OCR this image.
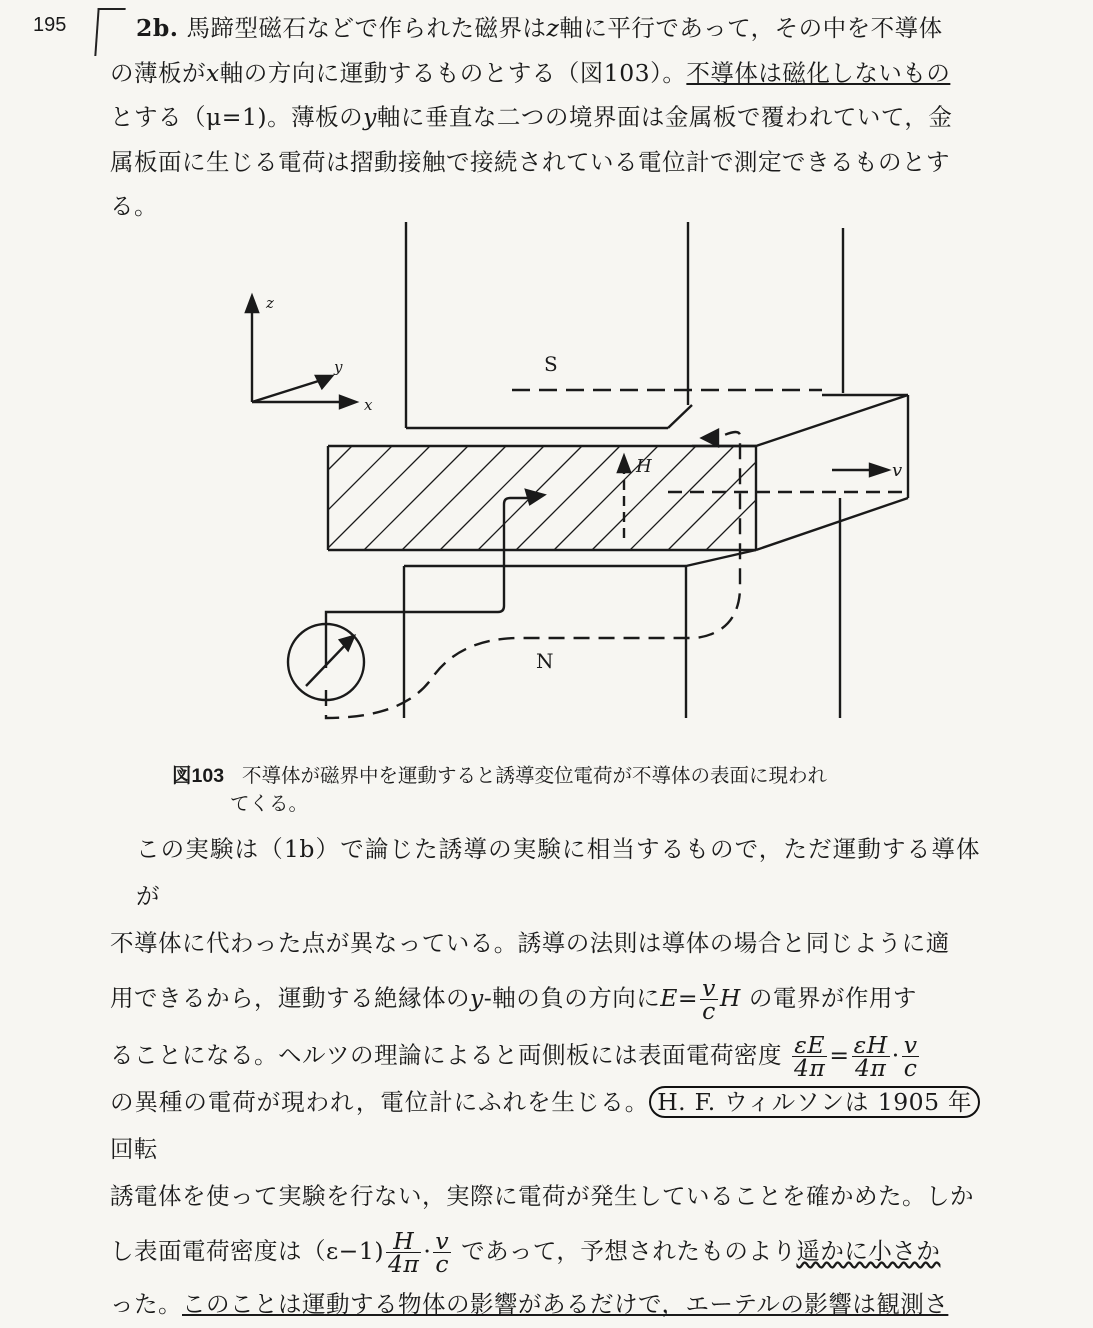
195	2b. 馬蹄型磁石などで作られた磁界はz軸に平行であって，その中を不導体
の薄板がx軸の方向に運動するものとする（図103）。不導体は磁化しないもの
とする（μ=1)。薄板のy軸に垂直な二つの境界面は金属板で覆われていて，金
属板面に生じる電荷は摺動接触で接続されている電位計で測定できるものとす
る。
z
y
x
S
N
H	v
図103 不導体が磁界中を運動すると誘導変位電荷が不導体の表面に現われ
てくる。
この実験は（1b）で論じた誘導の実験に相当するもので，ただ運動する導体が
不導体に代わった点が異なっている。誘導の法則は導体の場合と同じように適
用できるから，運動する絶縁体のy-軸の負の方向に$E= \frac{v}{c}$ H の電界が作用す
ることになる。ヘルツの理論によると両側板には表面電荷密度 $\frac{\varepsilon E}{4\pi} = \frac{\varepsilon H}{4\pi} \cdot \frac{v}{c}$
の異種の電荷が現われ，電位計にふれを生じる。 H. F. ウィルソンは 1905 年回転
誘電体を使って実験を行ない，実際に電荷が発生していることを確かめた。しか
し表面電荷密度は$(\varepsilon-1) \frac{H}{4\pi} \cdot \frac{v}{c}$ であって，予想されたものより遥かに小さか
った。このことは運動する物体の影響があるだけで，エーテルの影響は観測さ
